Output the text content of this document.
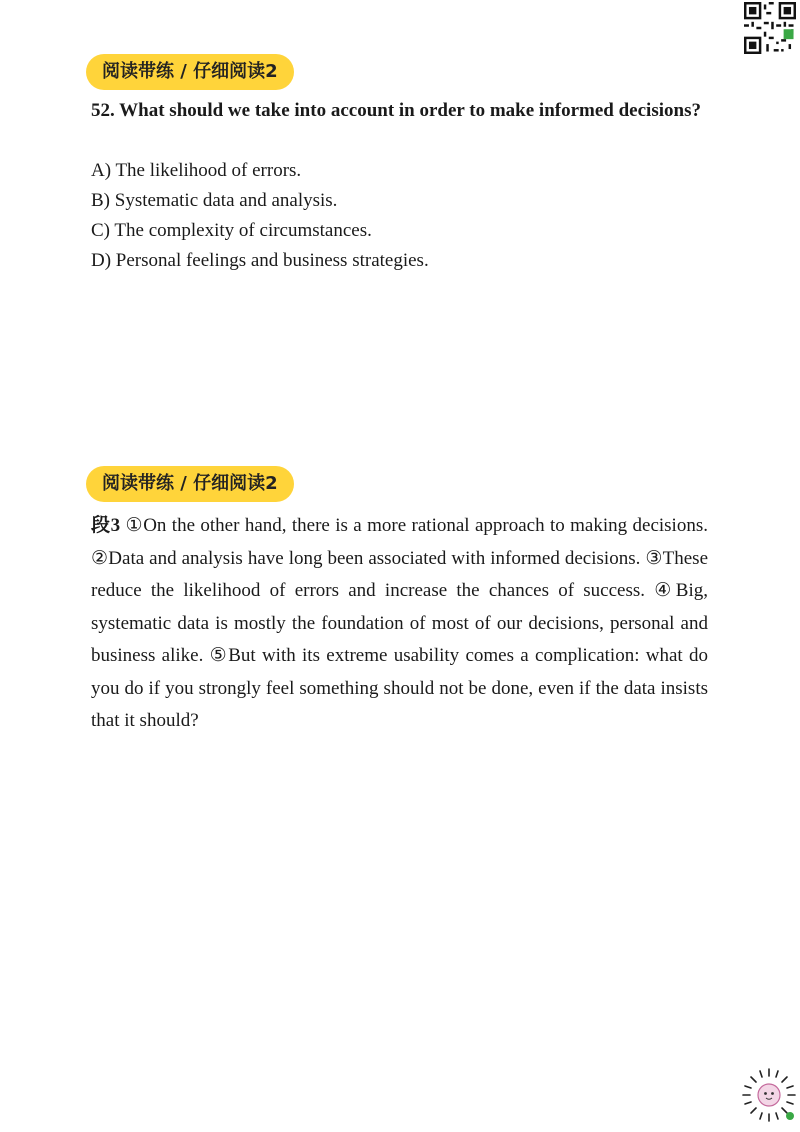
阅读带练 / 仔细阅读2
52. What should we take into account in order to make informed decisions?

A) The likelihood of errors.

B) Systematic data and analysis.

C) The complexity of circumstances.

D) Personal feelings and business strategies.

阅读带练 / 仔细阅读2

段3 ①On the other hand, there is a more rational approach to making decisions. ②Data and analysis have long been associated with informed decisions. ③These reduce the likelihood of errors and increase the chances of success. ④Big, systematic data is mostly the foundation of most of our decisions, personal and business alike. ⑤But with its extreme usability comes a complication: what do you do if you strongly feel something should not be done, even if the data insists that it should?
